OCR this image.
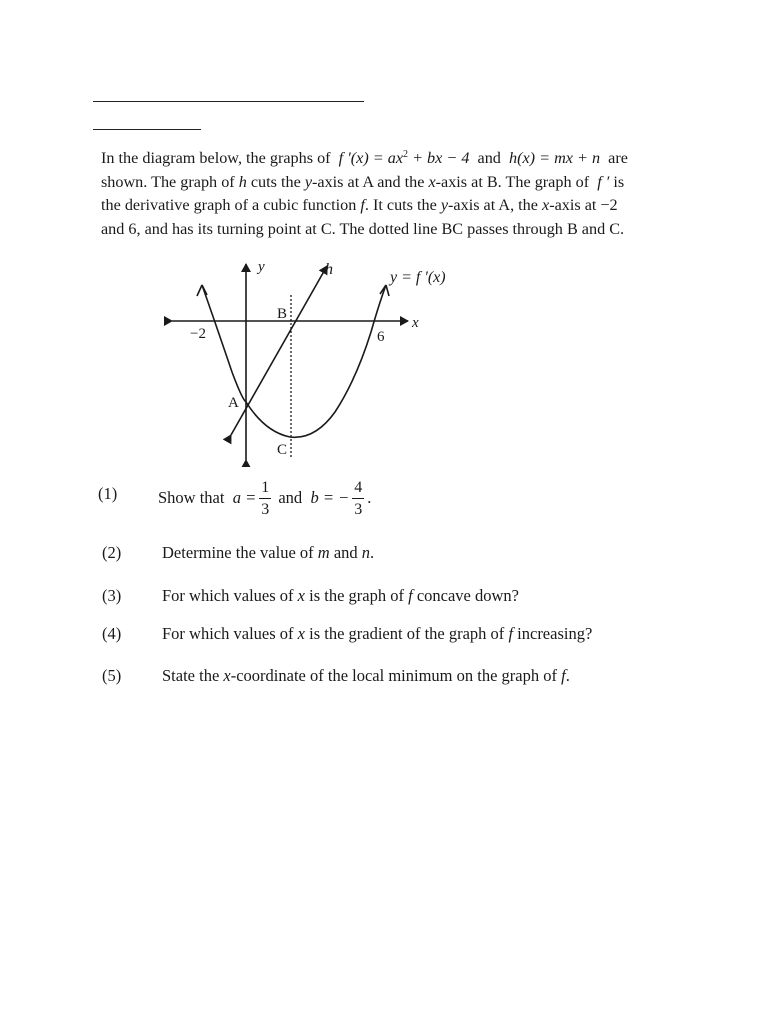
In the diagram below, the graphs of f $'(x) = ax^2$ + bx − 4 and h(x) = mx + n are
shown. The graph of h cuts the y-axis at A and the x-axis at B. The graph of f ′ is
the derivative graph of a cubic function f. It cuts the y-axis at A, the x-axis at −2
and 6, and has its turning point at C. The dotted line BC passes through B and C.
y
x
h	y = f ′(x)
A
B
C
−2	6
(1) Show that $a = \frac{1}{3}$ and b = − $\frac{4}{3}$ .
(2) Determine the value of m and n.
(3) For which values of x is the graph of f concave down?
(4) For which values of x is the gradient of the graph of f increasing?
(5) State the x-coordinate of the local minimum on the graph of f.
